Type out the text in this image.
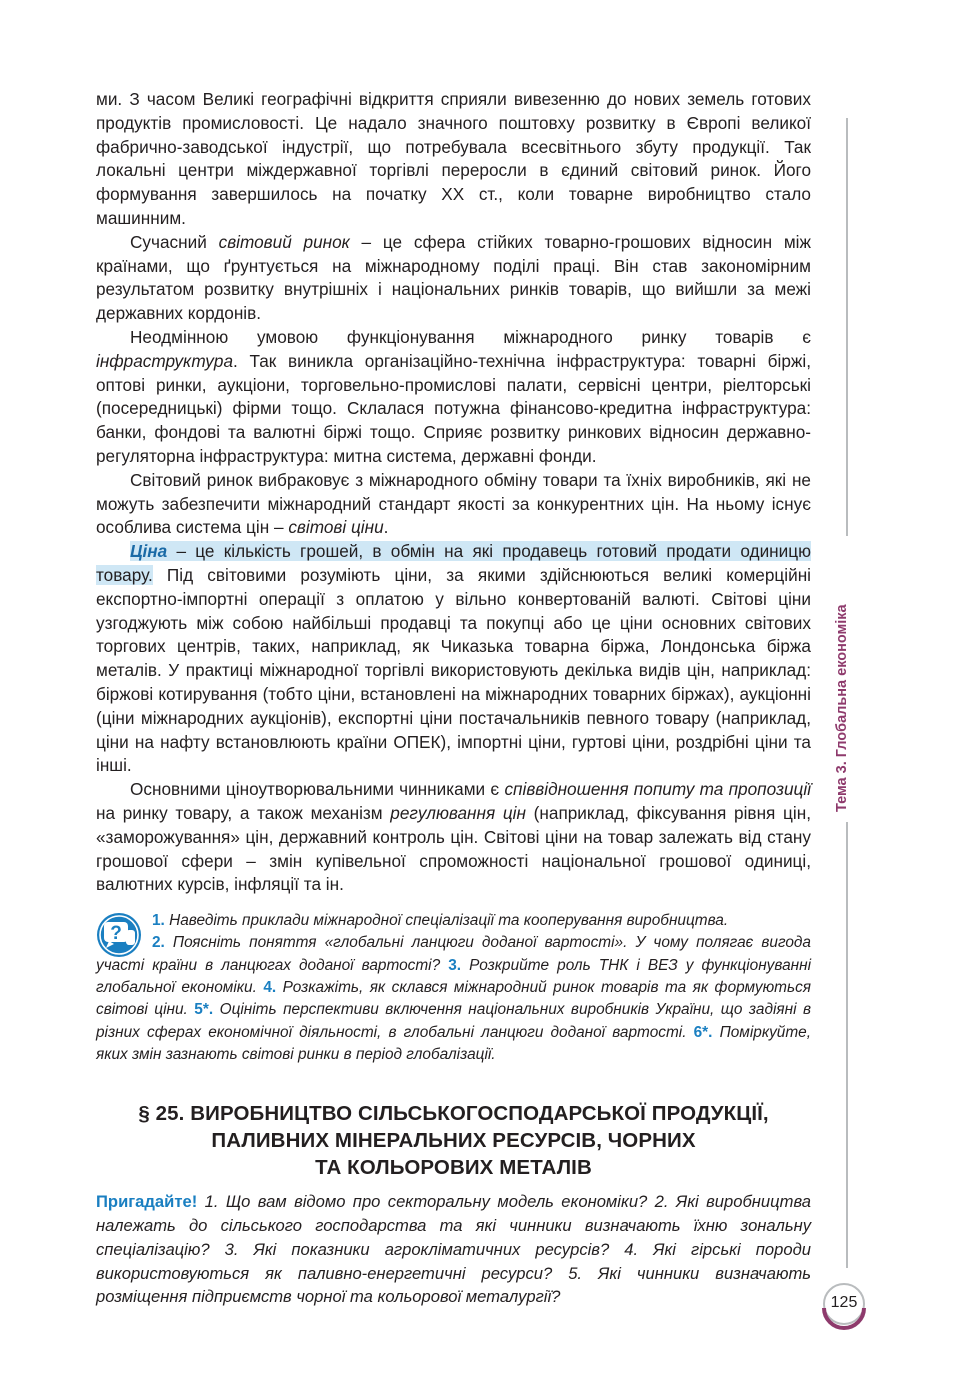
ми. З часом Великі географічні відкриття сприяли вивезенню до нових земель готових продуктів промисловості. Це надало значного поштовху розвитку в Європі великої фабрично-заводської індустрії, що потребувала всесвітнього збуту продукції. Так локальні центри міждержавної торгівлі переросли в єдиний світовий ринок. Його формування завершилось на початку XX ст., коли товарне виробництво стало машинним.

Сучасний світовий ринок – це сфера стійких товарно-грошових відносин між країнами, що ґрунтується на міжнародному поділі праці. Він став закономірним результатом розвитку внутрішніх і національних ринків товарів, що вийшли за межі державних кордонів.

Неодмінною умовою функціонування міжнародного ринку товарів є інфраструктура. Так виникла організаційно-технічна інфраструктура: товарні біржі, оптові ринки, аукціони, торговельно-промислові палати, сервісні центри, ріелторські (посередницькі) фірми тощо. Склалася потужна фінансово-кредитна інфраструктура: банки, фондові та валютні біржі тощо. Сприяє розвитку ринкових відносин державно-регуляторна інфраструктура: митна система, державні фонди.

Світовий ринок вибраковує з міжнародного обміну товари та їхніх виробників, які не можуть забезпечити міжнародний стандарт якості за конкурентних цін. На ньому існує особлива система цін – світові ціни.

Ціна – це кількість грошей, в обмін на які продавець готовий продати одиницю товару. Під світовими розуміють ціни, за якими здійснюються великі комерційні експортно-імпортні операції з оплатою у вільно конвертованій валюті. Світові ціни узгоджують між собою найбільші продавці та покупці або це ціни основних світових торгових центрів, таких, наприклад, як Чиказька товарна біржа, Лондонська біржа металів. У практиці міжнародної торгівлі використовують декілька видів цін, наприклад: біржові котирування (тобто ціни, встановлені на міжнародних товарних біржах), аукціонні (ціни міжнародних аукціонів), експортні ціни постачальників певного товару (наприклад, ціни на нафту встановлюють країни ОПЕК), імпортні ціни, гуртові ціни, роздрібні ціни та інші.

Основними ціноутворювальними чинниками є співвідношення попиту та пропозиції на ринку товару, а також механізм регулювання цін (наприклад, фіксування рівня цін, «заморожування» цін, державний контроль цін. Світові ціни на товар залежать від стану грошової сфери – змін купівельної спроможності національної грошової одиниці, валютних курсів, інфляції та ін.

?
1. Наведіть приклади міжнародної спеціалізації та кооперування виробництва.
2. Поясніть поняття «глобальні ланцюги доданої вартості». У чому полягає вигода участі країни в ланцюгах доданої вартості? 3. Розкрийте роль ТНК і ВЕЗ у функціонуванні глобальної економіки. 4. Розкажіть, як склався міжнародний ринок товарів та як формуються світові ціни. 5*. Оцініть перспективи включення національних виробників України, що задіяні в різних сферах економічної діяльності, в глобальні ланцюги доданої вартості. 6*. Поміркуйте, яких змін зазнають світові ринки в період глобалізації.
§ 25. ВИРОБНИЦТВО СІЛЬСЬКОГОСПОДАРСЬКОЇ ПРОДУКЦІЇ,
ПАЛИВНИХ МІНЕРАЛЬНИХ РЕСУРСІВ, ЧОРНИХ
ТА КОЛЬОРОВИХ МЕТАЛІВ
Пригадайте! 1. Що вам відомо про секторальну модель економіки? 2. Які виробництва належать до сільського господарства та які чинники визначають їхню зональну спеціалізацію? 3. Які показники агрокліматичних ресурсів? 4. Які гірські породи використовуються як паливно-енергетичні ресурси? 5. Які чинники визначають розміщення підприємств чорної та кольорової металургії?
Тема 3. Глобальна економіка
125
